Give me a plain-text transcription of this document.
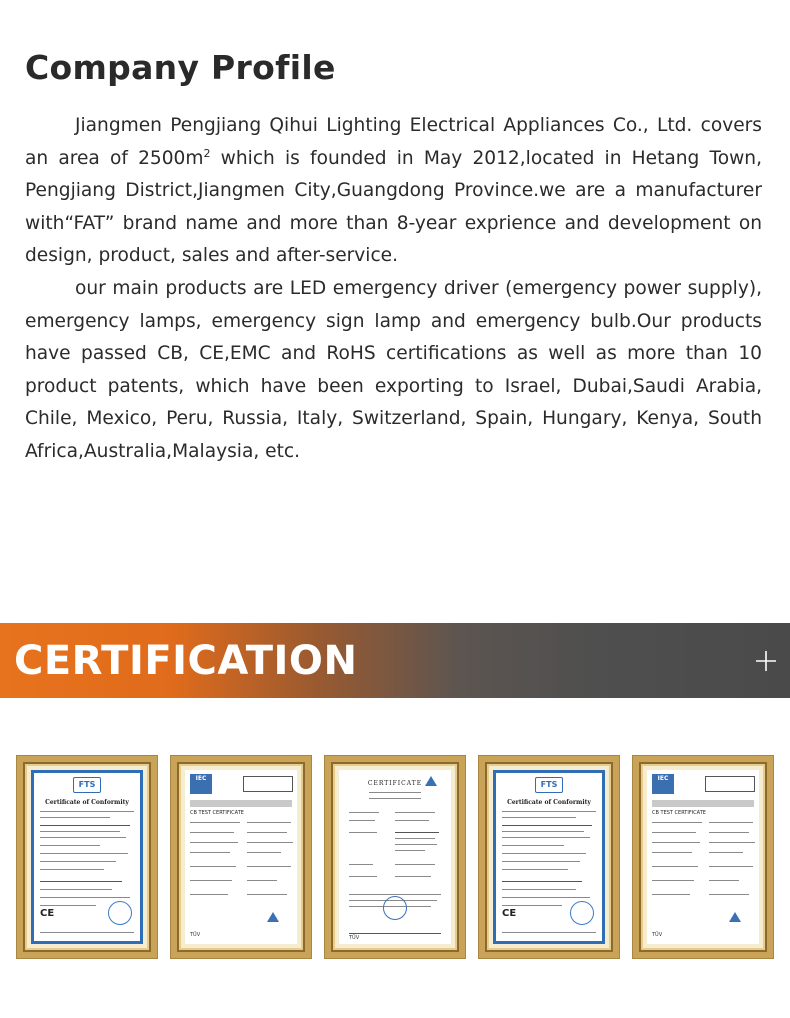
Company Profile

Jiangmen Pengjiang Qihui Lighting Electrical Appliances Co., Ltd. covers an area of $2500m^2$ which is founded in May 2012,located in Hetang Town, Pengjiang District,Jiangmen City,Guangdong Province.we are a manufacturer with“FAT” brand name and more than 8-year exprience and development on design, product, sales and after-service.

our main products are LED emergency driver (emergency power supply), emergency lamps, emergency sign lamp and emergency bulb.Our products have passed CB, CE,EMC and RoHS certifications as well as more than 10 product patents, which have been exporting to Israel, Dubai,Saudi Arabia, Chile, Mexico, Peru, Russia, Italy, Switzerland, Spain, Hungary, Kenya, South Africa,Australia,Malaysia, etc.

CERTIFICATION
FTS
Certificate of Conformity
CE
IEC
CB TEST CERTIFICATE
TÜV
CERTIFICATE
TÜV
FTS
Certificate of Conformity
CE
IEC
CB TEST CERTIFICATE
TÜV
